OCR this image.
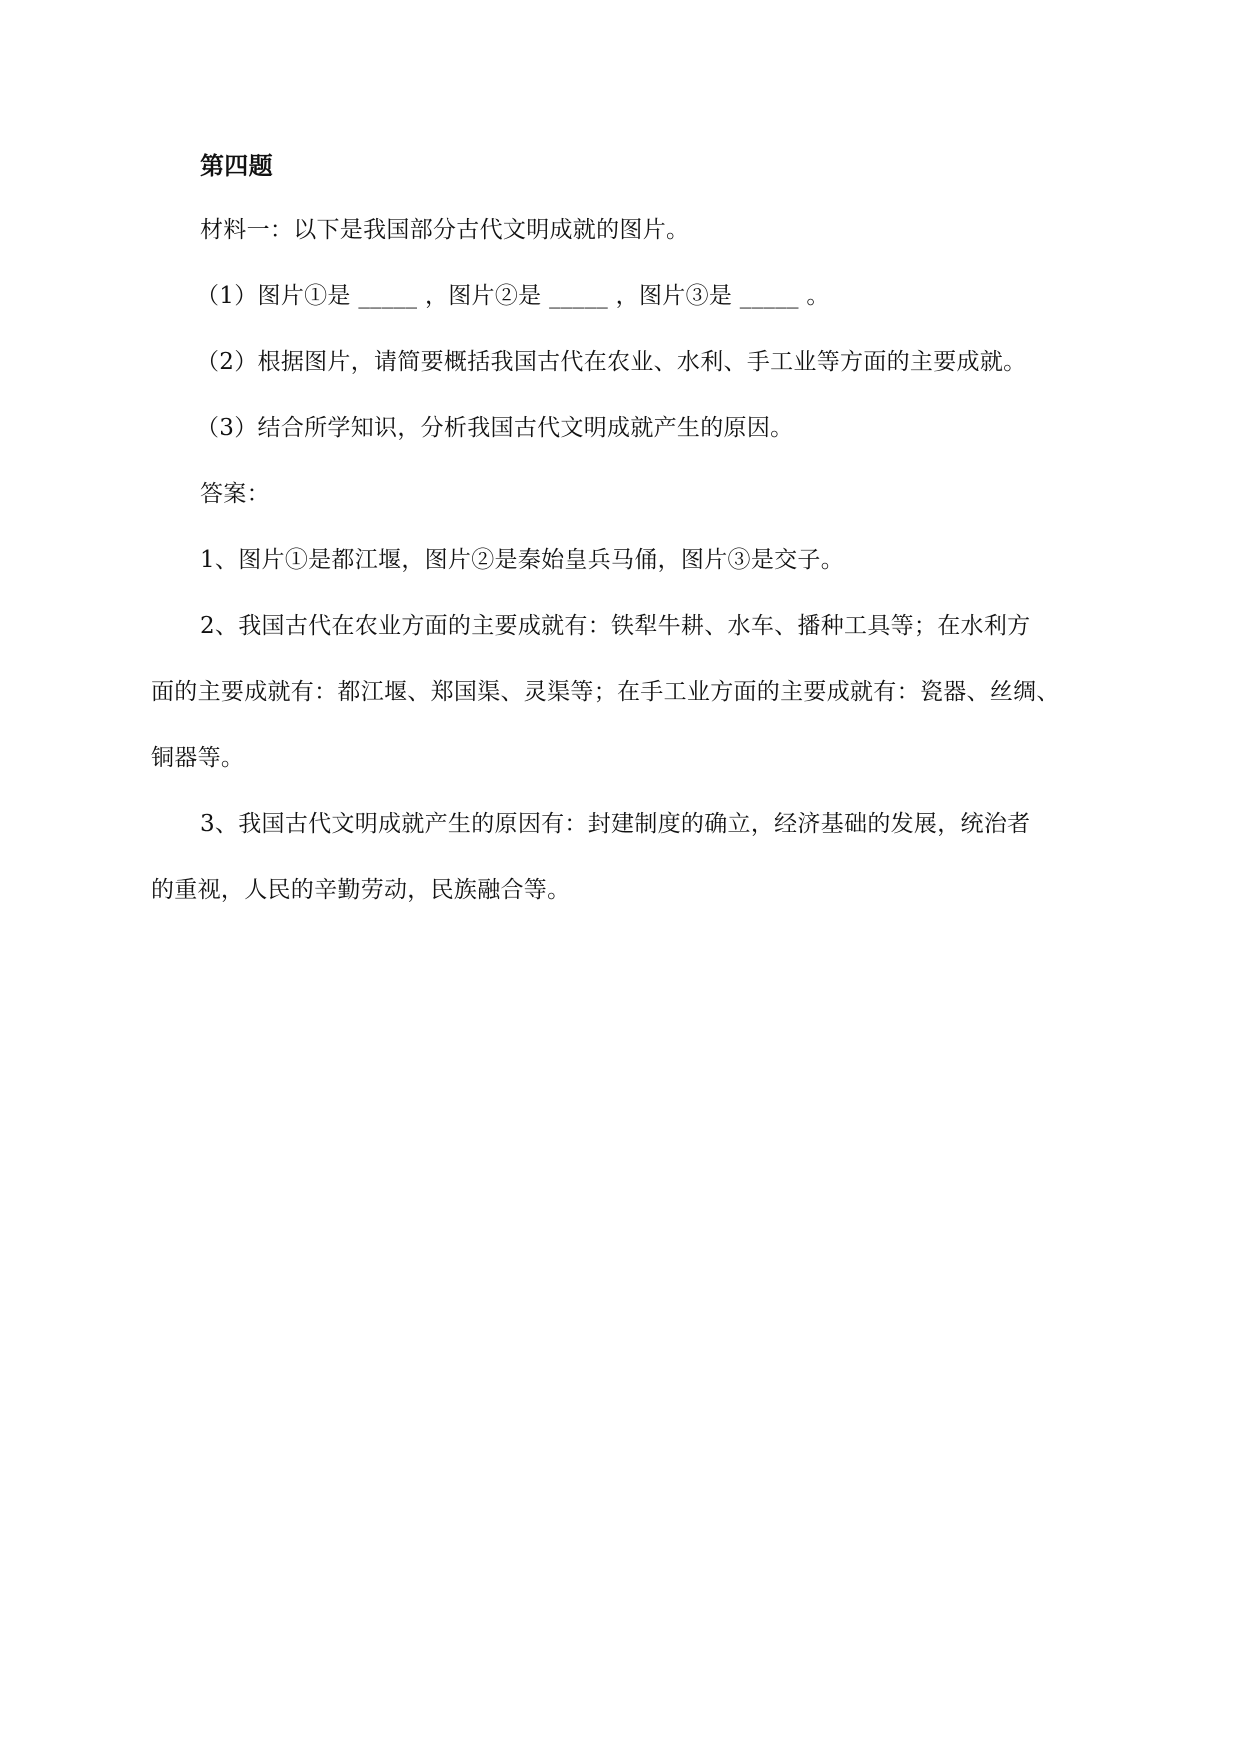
第四题
材料一：以下是我国部分古代文明成就的图片。
（1）图片①是 _____ ，图片②是 _____ ，图片③是 _____ 。
（2）根据图片，请简要概括我国古代在农业、水利、手工业等方面的主要成就。
（3）结合所学知识，分析我国古代文明成就产生的原因。
答案：
1、图片①是都江堰，图片②是秦始皇兵马俑，图片③是交子。
2、我国古代在农业方面的主要成就有：铁犁牛耕、水车、播种工具等；在水利方
面的主要成就有：都江堰、郑国渠、灵渠等；在手工业方面的主要成就有：瓷器、丝绸、
铜器等。
3、我国古代文明成就产生的原因有：封建制度的确立，经济基础的发展，统治者
的重视，人民的辛勤劳动，民族融合等。
